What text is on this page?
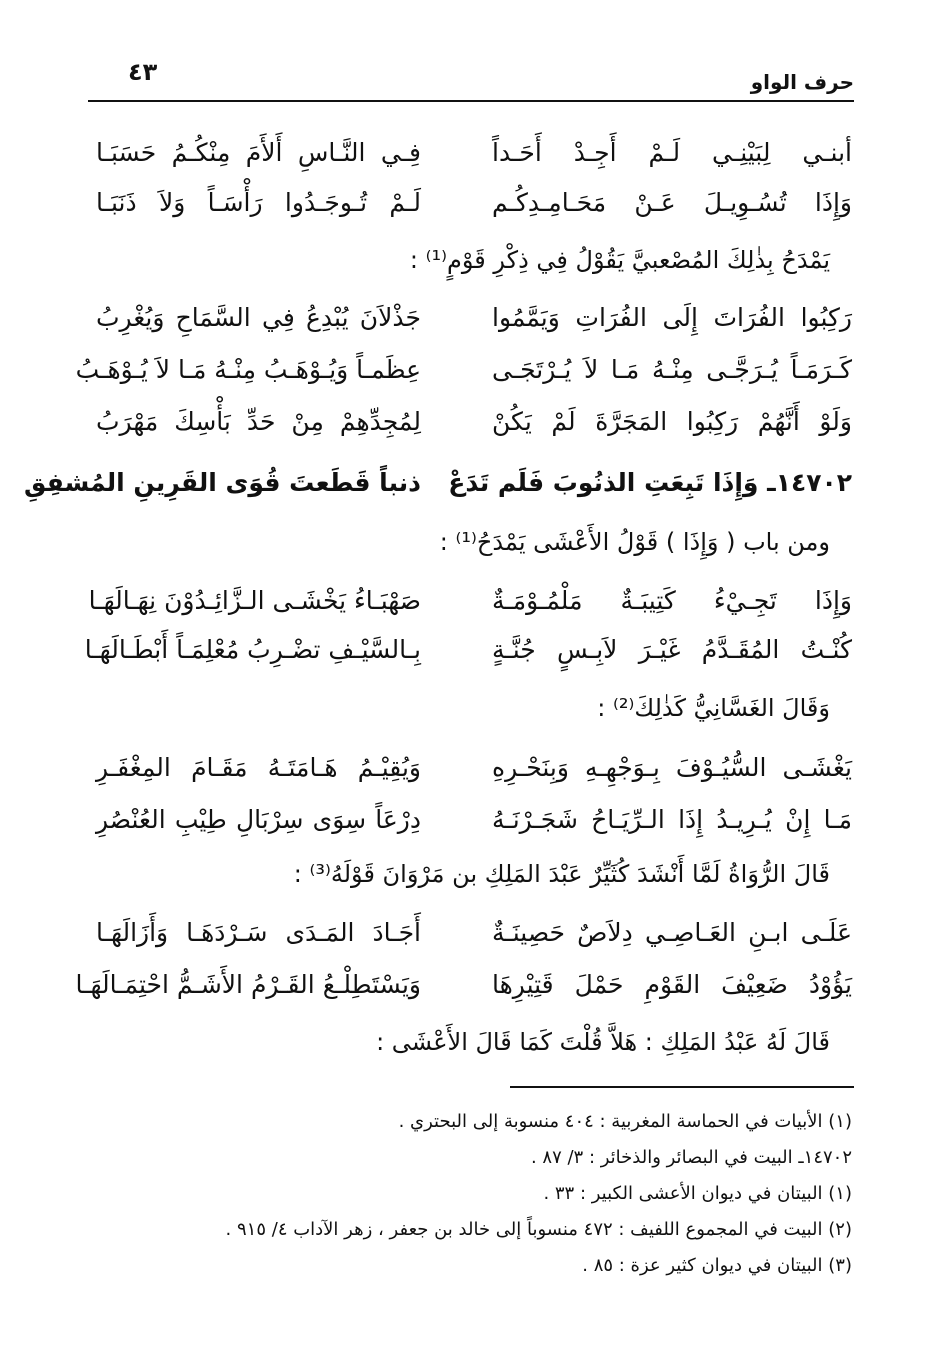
حرف الواو
٤٣
أبنـي لِبَيْنِـي لَـمْ أَجِـدْ أَحَـداً
فِـي النَّـاسِ أَلأَمَ مِنْكُـمُ حَسَبَـا
وَإِذَا تُسُـوِيـلَ عَـنْ مَحَـامِـدِكُـم
لَـمْ تُـوجَـدُوا رَأْسَـاً وَلاَ ذَنَبَـا
يَمْدَحُ بِذٰلِكَ المُصْعبيَّ يَقُوْلُ فِي ذِكْرِ قَوْمٍ⁽¹⁾ :
رَكِبُوا الفُرَاتَ إِلَى الفُرَاتِ وَيَمَّمُوا
جَذْلاَنَ يُبْدِعُ فِي السَّمَاحِ وَيُغْرِبُ
كَـرَمَـاً يُـرَجَّـى مِنْـهُ مَـا لاَ يُـرْتَجَـى
عِظَمـاً وَيُـوْهَـبُ مِنْـهُ مَـا لاَ يُـوْهَـبُ
وَلَوْ أَنَّهُمْ رَكِبُوا المَجَرَّةَ لَمْ يَكُنْ
لِمُجِدِّهِمْ مِنْ حَدِّ بَأْسِكَ مَهْرَبُ
١٤٧٠٢ـ وَإِذَا تَبِعَتِ الذنُوبَ فَلَم تَدَعْ
ذنباً قَطَعتَ قُوَى القَرِينِ المُشفِقِ
ومن باب ( وَإِذَا ) قَوْلُ الأَعْشَى يَمْدَحُ⁽¹⁾ :
وَإِذَا تَجِـيْءُ كَتِيبَـةٌ مَلْمُـوْمَـةٌ
صَهْبَـاءُ يَخْشَـى الـزَّائِـدُوْنَ نِهَـالَهَـا
كُنْـتُ المُقَـدَّمُ غَيْـرَ لاَبِـسٍ جُنَّـةٍ
بِـالسَّيْـفِ تضْـرِبُ مُعْلِمَـاً أَبْطَـالَهَـا
وَقَالَ الغَسَّانِيُّ كَذٰلِكَ⁽²⁾ :
يَغْشَـى السُّيُـوْفَ بِـوَجْهِـهِ وَبِنَحْـرِهِ
وَيُقِيْـمُ هَـامَتَـهُ مَقَـامَ المِغْفَـرِ
مَـا إِنْ يُـرِيـدُ إِذَا الـرِّيَـاحُ شَجَـرْنَـهُ
دِرْعَاً سِوَى سِرْبَالِ طِيْبِ العُنْصُرِ
قَالَ الرُّوَاةُ لَمَّا أَنْشَدَ كُثَيِّرٌ عَبْدَ المَلِكِ بن مَرْوَانَ قَوْلَهُ⁽³⁾ :
عَلَـى ابـنِ العَـاصِـي دِلاَصٌ حَصِينَـةٌ
أَجَـادَ المَـدَى سَـرْدَهَـا وَأَزَالَهَـا
يَؤُوْدُ ضَعِيْفَ القَوْمِ حَمْلَ قَتِيْرِهَا
وَيَسْتَطِلْـعُ القَـرْمُ الأَشَـمُّ احْتِمَـالَهَـا
قَالَ لَهُ عَبْدُ المَلِكِ : هَلاَّ قُلْتَ كَمَا قَالَ الأَعْشَى :
(١) الأبيات في الحماسة المغربية : ٤٠٤ منسوبة إلى البحتري .
١٤٧٠٢ـ البيت في البصائر والذخائر : ٣/ ٨٧ .
(١) البيتان في ديوان الأعشى الكبير : ٣٣ .
(٢) البيت في المجموع اللفيف : ٤٧٢ منسوباً إلى خالد بن جعفر ، زهر الآداب ٤/ ٩١٥ .
(٣) البيتان في ديوان كثير عزة : ٨٥ .
